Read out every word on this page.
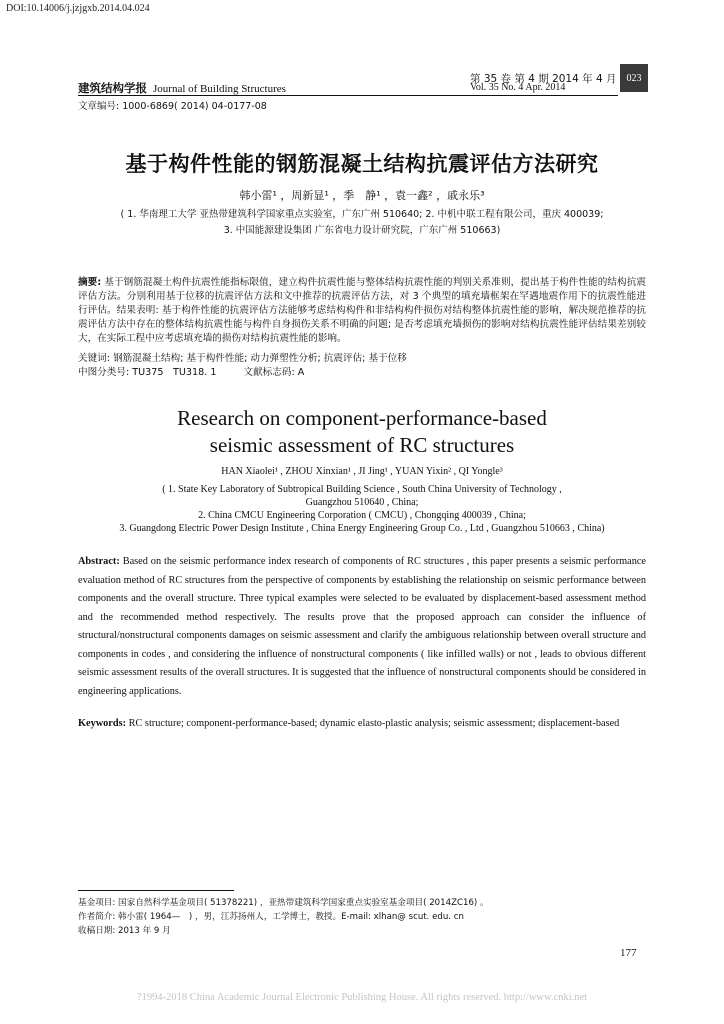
DOI:10.14006/j.jzjgxb.2014.04.024
建筑结构学报 Journal of Building Structures
第 35 卷 第 4 期 2014 年 4 月
Vol. 35 No. 4 Apr. 2014
023
文章编号: 1000-6869( 2014) 04-0177-08
基于构件性能的钢筋混凝土结构抗震评估方法研究
韩小雷¹ ，周新显¹ ，季　静¹ ，袁一鑫² ，戚永乐³
( 1. 华南理工大学 亚热带建筑科学国家重点实验室，广东广州 510640; 2. 中机中联工程有限公司，重庆 400039;
3. 中国能源建设集团 广东省电力设计研究院，广东广州 510663)
摘要: 基于钢筋混凝土构件抗震性能指标限值，建立构件抗震性能与整体结构抗震性能的判别关系准则，提出基于构件性能的结构抗震评估方法。分别利用基于位移的抗震评估方法和文中推荐的抗震评估方法，对 3 个典型的填充墙框架在罕遇地震作用下的抗震性能进行评估。结果表明: 基于构件性能的抗震评估方法能够考虑结构构件和非结构构件损伤对结构整体抗震性能的影响，解决规范推荐的抗震评估方法中存在的整体结构抗震性能与构件自身损伤关系不明确的问题; 是否考虑填充墙损伤的影响对结构抗震性能评估结果差别较大，在实际工程中应考虑填充墙的损伤对结构抗震性能的影响。
关键词: 钢筋混凝土结构; 基于构件性能; 动力弹塑性分析; 抗震评估; 基于位移
中图分类号: TU375　TU318. 1	文献标志码: A
Research on component-performance-based
seismic assessment of RC structures
HAN Xiaolei¹ , ZHOU Xinxian¹ , JI Jing¹ , YUAN Yixin² , QI Yongle³
( 1. State Key Laboratory of Subtropical Building Science , South China University of Technology ,
Guangzhou 510640 , China;
2. China CMCU Engineering Corporation ( CMCU) , Chongqing 400039 , China;
3. Guangdong Electric Power Design Institute , China Energy Engineering Group Co. , Ltd , Guangzhou 510663 , China)
Abstract: Based on the seismic performance index research of components of RC structures , this paper presents a seismic performance evaluation method of RC structures from the perspective of components by establishing the relationship on seismic performance between components and the overall structure. Three typical examples were selected to be evaluated by displacement-based assessment method and the recommended method respectively. The results prove that the proposed approach can consider the influence of structural/nonstructural components damages on seismic assessment and clarify the ambiguous relationship between overall structure and components in codes , and considering the influence of nonstructural components ( like infilled walls) or not , leads to obvious different seismic assessment results of the overall structures. It is suggested that the influence of nonstructural components should be considered in engineering applications.
Keywords: RC structure; component-performance-based; dynamic elasto-plastic analysis; seismic assessment; displacement-based
基金项目: 国家自然科学基金项目( 51378221) ，亚热带建筑科学国家重点实验室基金项目( 2014ZC16) 。
作者简介: 韩小雷( 1964—　) ，男，江苏扬州人，工学博士，教授。E-mail: xlhan@ scut. edu. cn
收稿日期: 2013 年 9 月
177
?1994-2018 China Academic Journal Electronic Publishing House. All rights reserved. http://www.cnki.net
